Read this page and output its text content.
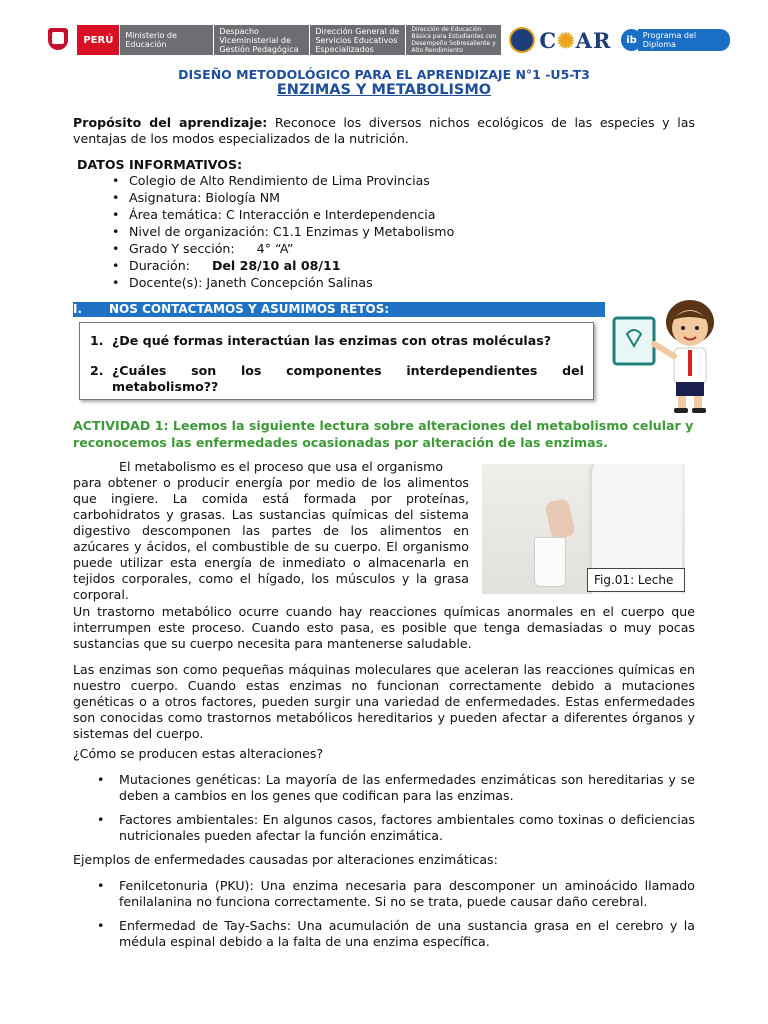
PERÚ	Ministerio de Educación
Despacho Viceministerial de Gestión Pedagógica
Dirección General de Servicios Educativos Especializados
Dirección de Educación Básica para Estudiantes con Desempeño Sobresaliente y Alto Rendimiento	C✺AR	ib Programa del Diploma
DISEÑO METODOLÓGICO PARA EL APRENDIZAJE N°1 -U5-T3
ENZIMAS Y METABOLISMO
Propósito del aprendizaje: Reconoce los diversos nichos ecológicos de las especies y las ventajas de los modos especializados de la nutrición.
DATOS INFORMATIVOS:
• Colegio de Alto Rendimiento de Lima Provincias
• Asignatura: Biología NM
• Área temática: C Interacción e Interdependencia
• Nivel de organización: C1.1 Enzimas y Metabolismo
• Grado Y sección: 4° “A”
• Duración: Del 28/10 al 08/11
• Docente(s): Janeth Concepción Salinas
I. NOS CONTACTAMOS Y ASUMIMOS RETOS:
1. ¿De qué formas interactúan las enzimas con otras moléculas?
2. ¿Cuáles son los componentes interdependientes del
metabolismo??
ACTIVIDAD 1: Leemos la siguiente lectura sobre alteraciones del metabolismo celular y reconocemos las enfermedades ocasionadas por alteración de las enzimas.
Fig.01: Leche
El metabolismo es el proceso que usa el organismo
para obtener o producir energía por medio de los alimentos que ingiere. La comida está formada por proteínas, carbohidratos y grasas. Las sustancias químicas del sistema digestivo descomponen las partes de los alimentos en azúcares y ácidos, el combustible de su cuerpo. El organismo puede utilizar esta energía de inmediato o almacenarla en tejidos corporales, como el hígado, los músculos y la grasa corporal.
Un trastorno metabólico ocurre cuando hay reacciones químicas anormales en el cuerpo que interrumpen este proceso. Cuando esto pasa, es posible que tenga demasiadas o muy pocas sustancias que su cuerpo necesita para mantenerse saludable.
Las enzimas son como pequeñas máquinas moleculares que aceleran las reacciones químicas en nuestro cuerpo. Cuando estas enzimas no funcionan correctamente debido a mutaciones genéticas o a otros factores, pueden surgir una variedad de enfermedades. Estas enfermedades son conocidas como trastornos metabólicos hereditarios y pueden afectar a diferentes órganos y sistemas del cuerpo.
¿Cómo se producen estas alteraciones?
• Mutaciones genéticas: La mayoría de las enfermedades enzimáticas son hereditarias y se deben a cambios en los genes que codifican para las enzimas.
• Factores ambientales: En algunos casos, factores ambientales como toxinas o deficiencias nutricionales pueden afectar la función enzimática.
Ejemplos de enfermedades causadas por alteraciones enzimáticas:
• Fenilcetonuria (PKU): Una enzima necesaria para descomponer un aminoácido llamado fenilalanina no funciona correctamente. Si no se trata, puede causar daño cerebral.
• Enfermedad de Tay-Sachs: Una acumulación de una sustancia grasa en el cerebro y la médula espinal debido a la falta de una enzima específica.
